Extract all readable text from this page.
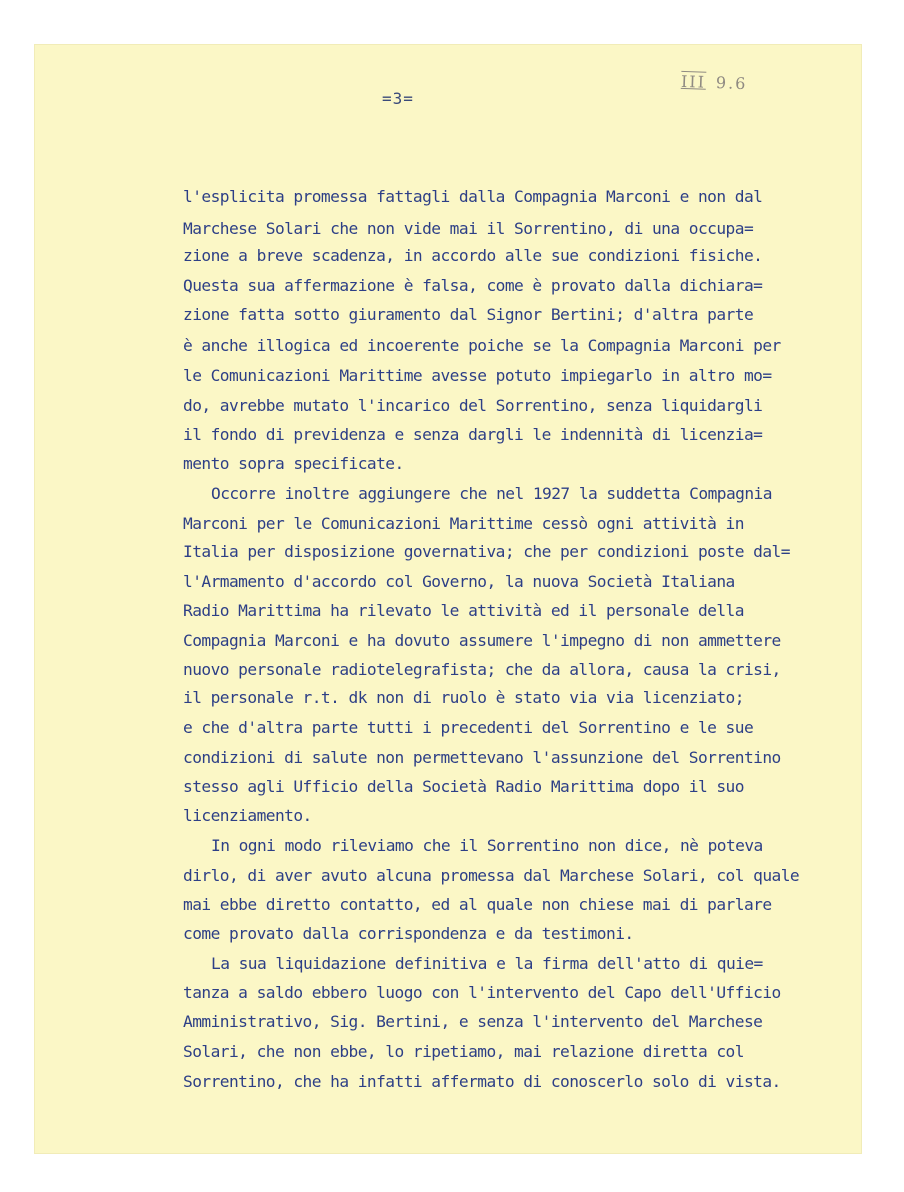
=3=
III 9.6
l'esplicita promessa fattagli dalla Compagnia Marconi e non dal
Marchese Solari che non vide mai il Sorrentino, di una occupa=
zione a breve scadenza, in accordo alle sue condizioni fisiche.
Questa sua affermazione è falsa, come è provato dalla dichiara=
zione fatta sotto giuramento dal Signor Bertini; d'altra parte
è anche illogica ed incoerente poiche se la Compagnia Marconi per
le Comunicazioni Marittime avesse potuto impiegarlo in altro mo=
do, avrebbe mutato l'incarico del Sorrentino, senza liquidargli
il fondo di previdenza e senza dargli le indennità di licenzia=
mento sopra specificate.
Occorre inoltre aggiungere che nel 1927 la suddetta Compagnia
Marconi per le Comunicazioni Marittime cessò ogni attività in
Italia per disposizione governativa; che per condizioni poste dal=
l'Armamento d'accordo col Governo, la nuova Società Italiana
Radio Marittima ha rilevato le attività ed il personale della
Compagnia Marconi e ha dovuto assumere l'impegno di non ammettere
nuovo personale radiotelegrafista; che da allora, causa la crisi,
il personale r.t. dk non di ruolo è stato via via licenziato;
e che d'altra parte tutti i precedenti del Sorrentino e le sue
condizioni di salute non permettevano l'assunzione del Sorrentino
stesso agli Ufficio della Società Radio Marittima dopo il suo
licenziamento.
In ogni modo rileviamo che il Sorrentino non dice, nè poteva
dirlo, di aver avuto alcuna promessa dal Marchese Solari, col quale
mai ebbe diretto contatto, ed al quale non chiese mai di parlare
come provato dalla corrispondenza e da testimoni.
La sua liquidazione definitiva e la firma dell'atto di quie=
tanza a saldo ebbero luogo con l'intervento del Capo dell'Ufficio
Amministrativo, Sig. Bertini, e senza l'intervento del Marchese
Solari, che non ebbe, lo ripetiamo, mai relazione diretta col
Sorrentino, che ha infatti affermato di conoscerlo solo di vista.
